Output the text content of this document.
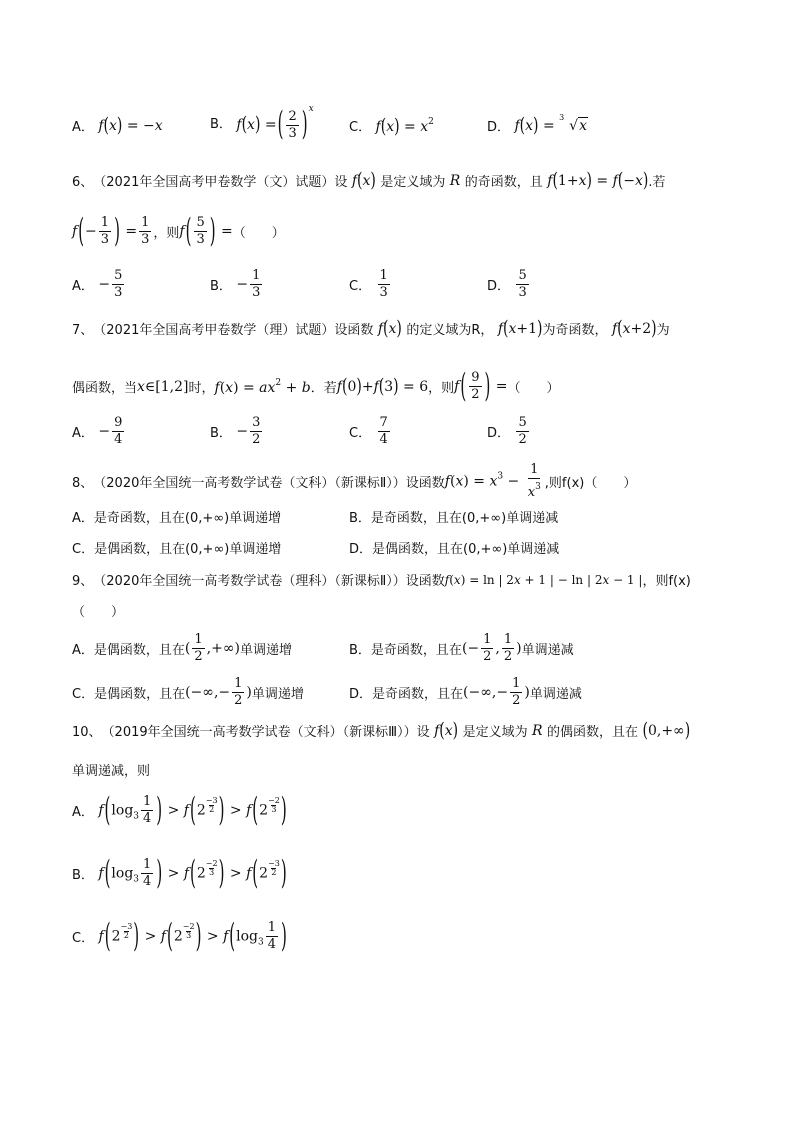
A． f(x) = −x	B． f(x) =( $\frac{2}{3} )^x$
C． $f(x) = x^2$	D． f(x) =
3
√x
6、 （2021年全国高考甲卷数学（文）试题） 设 f(x) 是定义域为 R 的奇函数，且 f(1+x) = f(−x) .若
$f(- \frac{1}{3}$ ) = $\frac{1}{3}$ ，则 $f( \frac{5}{3}$ ) = （　　）
A． − $\frac{5}{3}$	B． − $\frac{1}{3}$	C．
$\frac{1}{3}$	D．
$\frac{5}{3}$
7、 （2021年全国高考甲卷数学（理）试题） 设函数 f(x) 的定义域为R， f(x+1) 为奇函数， f(x+2) 为
偶函数，当 x∈[1,2] 时， $f(x) = ax^2 + b$ ．若 f(0)+f(3) = 6 ，则 $f( \frac{9}{2}$ ) = （　　）
A． − $\frac{9}{4}$	B． − $\frac{3}{2}$	C．
$\frac{7}{4}$	D．
$\frac{5}{2}$
8、 （2020年全国统一高考数学试卷（文科）（新课标Ⅱ）） 设函数 $f(x) = x^3 - \frac{1}{x^3}$ ,则f(x) （　　）
A． 是奇函数，且在(0,+∞)单调递增	B． 是奇函数，且在(0,+∞)单调递减
C． 是偶函数，且在(0,+∞)单调递增	D． 是偶函数，且在(0,+∞)单调递减
9、 （2020年全国统一高考数学试卷（理科）（新课标Ⅱ）） 设函数 f(x) = ln | 2x + 1 | − ln | 2x − 1 | ，则f(x)
（　　）
A． 是偶函数，且在 ( $\frac{1}{2}$ ,+∞) 单调递增	B． 是奇函数，且在 (− $\frac{1}{2}$ , $\frac{1}{2}$ ) 单调递减
C． 是偶函数，且在 (−∞,− $\frac{1}{2}$ ) 单调递增	D． 是奇函数，且在 (−∞,− $\frac{1}{2}$ ) 单调递减
10、 （2019年全国统一高考数学试卷（文科）（新课标Ⅲ）） 设 f(x) 是定义域为 R 的偶函数，且在 (0,+∞)
单调递减，则
A． $f(\log_3 \frac{1}{4}$ ) > $f(2 \frac{-3}{2}$ ) > $f(2 \frac{-2}{3}$ )
B． $f(\log_3 \frac{1}{4}$ ) > $f(2 \frac{-2}{3}$ ) > $f(2 \frac{-3}{2}$ )
C． $f(2 \frac{-3}{2}$ ) > $f(2 \frac{-2}{3}$ ) > $f(\log_3 \frac{1}{4}$ )
